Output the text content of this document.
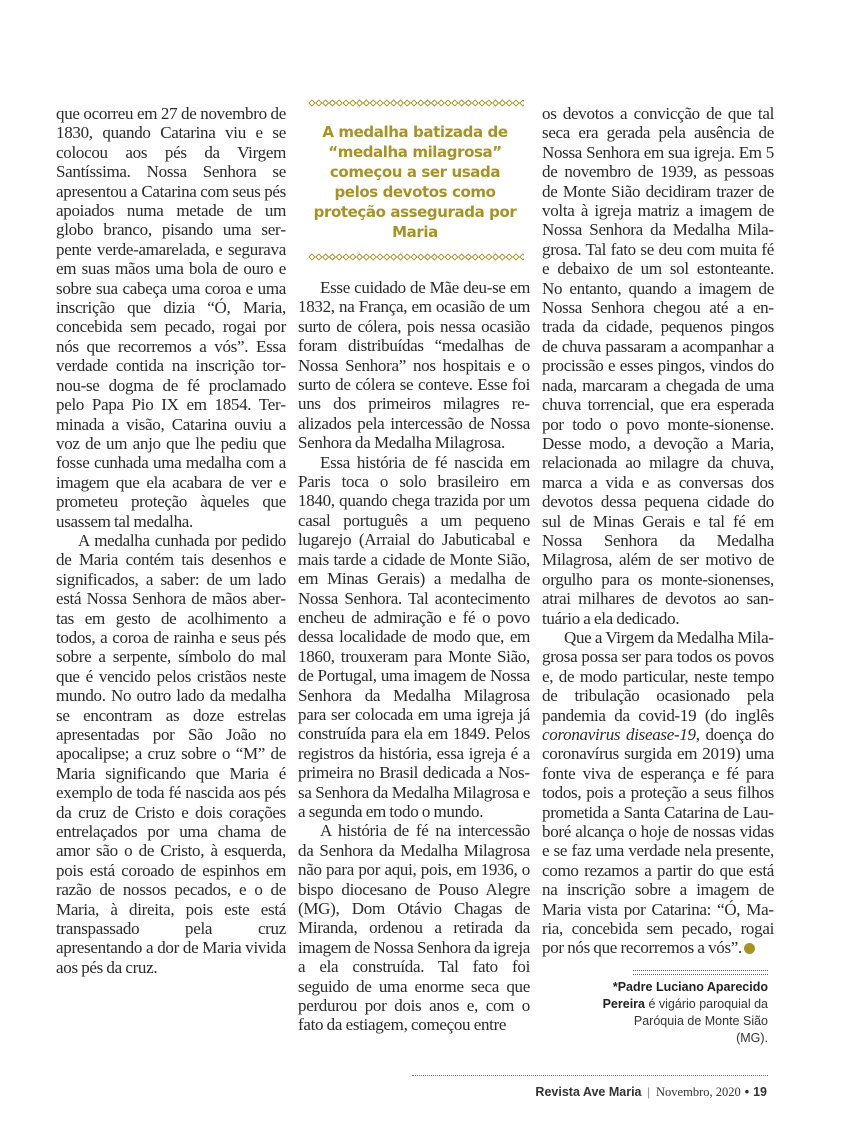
que ocorreu em 27 de novembro de 1830, quando Catarina viu e se colocou aos pés da Virgem Santíssima. Nossa Senhora se apresentou a Catarina com seus pés apoiados numa metade de um globo branco, pisando uma serpente verde-amarelada, e segurava em suas mãos uma bola de ouro e sobre sua cabeça uma coroa e uma inscrição que dizia “Ó, Maria, concebida sem pecado, rogai por nós que recorremos a vós”. Essa verdade contida na inscrição tornou-se dogma de fé proclamado pelo Papa Pio IX em 1854. Terminada a visão, Catarina ouviu a voz de um anjo que lhe pediu que fosse cunhada uma medalha com a imagem que ela acabara de ver e prometeu proteção àqueles que usassem tal medalha.

A medalha cunhada por pedido de Maria contém tais desenhos e significados, a saber: de um lado está Nossa Senhora de mãos abertas em gesto de acolhimento a todos, a coroa de rainha e seus pés sobre a serpente, símbolo do mal que é vencido pelos cristãos neste mundo. No outro lado da medalha se encontram as doze estrelas apresentadas por São João no apocalipse; a cruz sobre o “M” de Maria significando que Maria é exemplo de toda fé nascida aos pés da cruz de Cristo e dois corações entrelaçados por uma chama de amor são o de Cristo, à esquerda, pois está coroado de espinhos em razão de nossos pecados, e o de Maria, à direita, pois este está transpassado pela cruz apresentando a dor de Maria vivida aos pés da cruz.

A medalha batizada de “medalha milagrosa” começou a ser usada pelos devotos como proteção assegurada por Maria

Esse cuidado de Mãe deu-se em 1832, na França, em ocasião de um surto de cólera, pois nessa ocasião foram distribuídas “medalhas de Nossa Senhora” nos hospitais e o surto de cólera se conteve. Esse foi uns dos primeiros milagres realizados pela intercessão de Nossa Senhora da Medalha Milagrosa.

Essa história de fé nascida em Paris toca o solo brasileiro em 1840, quando chega trazida por um casal português a um pequeno lugarejo (Arraial do Jabuticabal e mais tarde a cidade de Monte Sião, em Minas Gerais) a medalha de Nossa Senhora. Tal acontecimento encheu de admiração e fé o povo dessa localidade de modo que, em 1860, trouxeram para Monte Sião, de Portugal, uma imagem de Nossa Senhora da Medalha Milagrosa para ser colocada em uma igreja já construída para ela em 1849. Pelos registros da história, essa igreja é a primeira no Brasil dedicada a Nossa Senhora da Medalha Milagrosa e a segunda em todo o mundo.

A história de fé na intercessão da Senhora da Medalha Milagrosa não para por aqui, pois, em 1936, o bispo diocesano de Pouso Alegre (MG), Dom Otávio Chagas de Miranda, ordenou a retirada da imagem de Nossa Senhora da igreja a ela construída. Tal fato foi seguido de uma enorme seca que perdurou por dois anos e, com o fato da estiagem, começou entre

os devotos a convicção de que tal seca era gerada pela ausência de Nossa Senhora em sua igreja. Em 5 de novembro de 1939, as pessoas de Monte Sião decidiram trazer de volta à igreja matriz a imagem de Nossa Senhora da Medalha Milagrosa. Tal fato se deu com muita fé e debaixo de um sol estonteante. No entanto, quando a imagem de Nossa Senhora chegou até a entrada da cidade, pequenos pingos de chuva passaram a acompanhar a procissão e esses pingos, vindos do nada, marcaram a chegada de uma chuva torrencial, que era esperada por todo o povo monte-sionense. Desse modo, a devoção a Maria, relacionada ao milagre da chuva, marca a vida e as conversas dos devotos dessa pequena cidade do sul de Minas Gerais e tal fé em Nossa Senhora da Medalha Milagrosa, além de ser motivo de orgulho para os monte-sionenses, atrai milhares de devotos ao santuário a ela dedicado.

Que a Virgem da Medalha Milagrosa possa ser para todos os povos e, de modo particular, neste tempo de tribulação ocasionado pela pandemia da covid-19 (do inglês coronavirus disease-19, doença do coronavírus surgida em 2019) uma fonte viva de esperança e fé para todos, pois a proteção a seus filhos prometida a Santa Catarina de Lauboré alcança o hoje de nossas vidas e se faz uma verdade nela presente, como rezamos a partir do que está na inscrição sobre a imagem de Maria vista por Catarina: “Ó, Maria, concebida sem pecado, rogai por nós que recorremos a vós”.

*Padre Luciano Aparecido Pereira é vigário paroquial da Paróquia de Monte Sião (MG).
Revista Ave Maria | Novembro, 2020 • 19
